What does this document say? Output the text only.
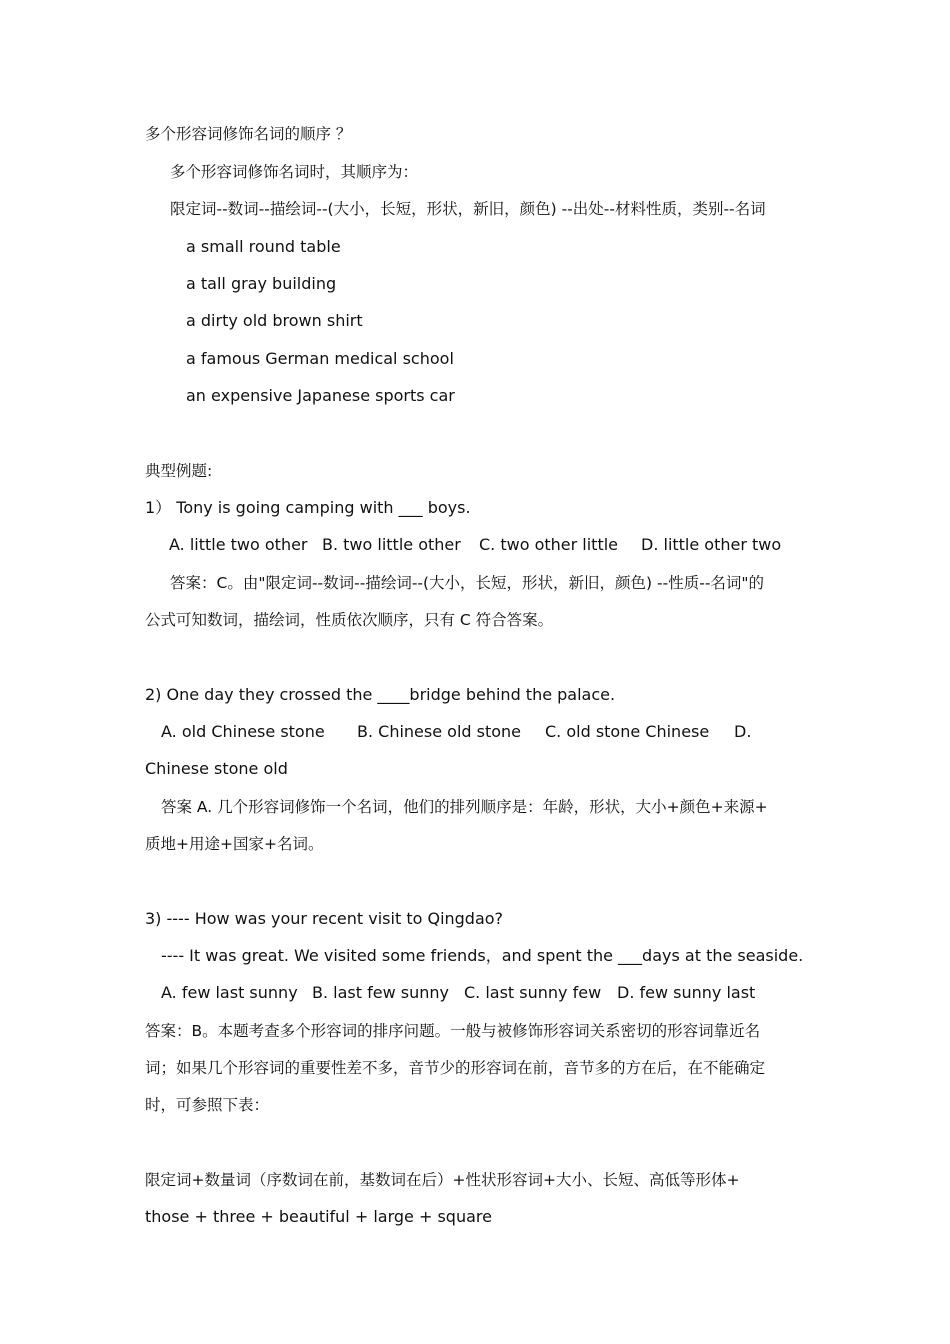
多个形容词修饰名词的顺序 ？
多个形容词修饰名词时，其顺序为：
限定词--数词--描绘词--(大小，长短，形状，新旧，颜色) --出处--材料性质，类别--名词
a small round table
a tall gray building
a dirty old brown shirt
a famous German medical school
an expensive Japanese sports car
典型例题:
1） Tony is going camping with ___ boys.
A. little two other B. two little other C. two other little D. little other two
答案：C。由"限定词--数词--描绘词--(大小，长短，形状，新旧，颜色) --性质--名词"的
公式可知数词，描绘词，性质依次顺序，只有 C 符合答案。
2) One day they crossed the ____bridge behind the palace.
A. old Chinese stone B. Chinese old stone C. old stone Chinese D.
Chinese stone old
答案 A. 几个形容词修饰一个名词，他们的排列顺序是：年龄，形状，大小+颜色+来源+
质地+用途+国家+名词。
3) ---- How was your recent visit to Qingdao?
---- It was great. We visited some friends，and spent the ___days at the seaside.
A. few last sunny B. last few sunny C. last sunny few D. few sunny last
答案：B。本题考查多个形容词的排序问题。一般与被修饰形容词关系密切的形容词靠近名
词；如果几个形容词的重要性差不多，音节少的形容词在前，音节多的方在后，在不能确定
时，可参照下表：
限定词+数量词（序数词在前，基数词在后）+性状形容词+大小、长短、高低等形体+
those + three + beautiful + large + square
